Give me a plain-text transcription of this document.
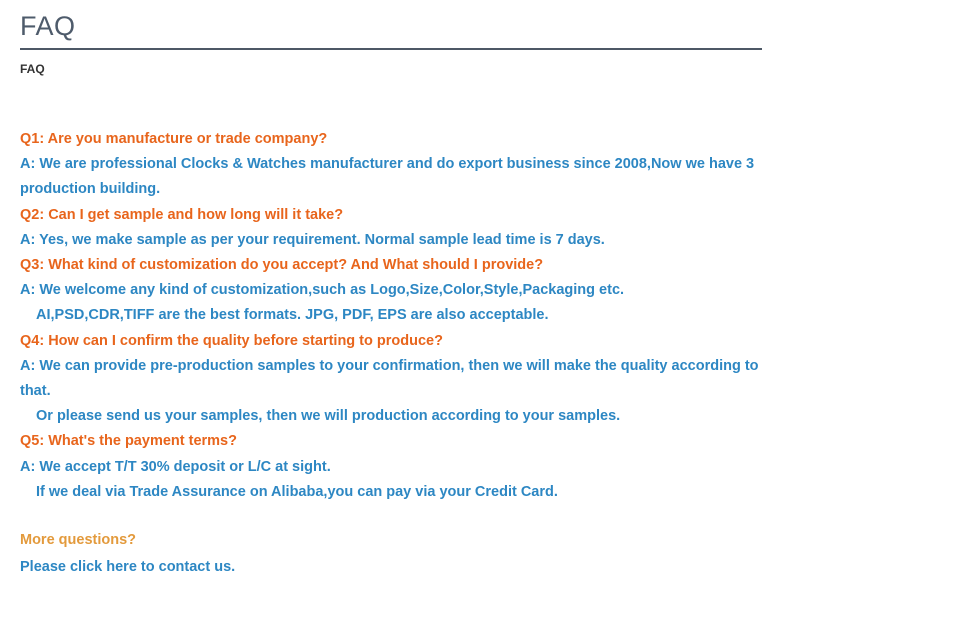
FAQ
FAQ
Q1: Are you manufacture or trade company?
A: We are professional Clocks & Watches manufacturer and do export business since 2008,Now we have 3
production building.
Q2: Can I get sample and how long will it take?
A: Yes, we make sample as per your requirement. Normal sample lead time is 7 days.
Q3: What kind of customization do you accept? And What should I provide?
A: We welcome any kind of customization,such as Logo,Size,Color,Style,Packaging etc.
AI,PSD,CDR,TIFF are the best formats. JPG, PDF, EPS are also acceptable.
Q4: How can I confirm the quality before starting to produce?
A: We can provide pre-production samples to your confirmation, then we will make the quality according to
that.
Or please send us your samples, then we will production according to your samples.
Q5: What's the payment terms?
A: We accept T/T 30% deposit or L/C at sight.
If we deal via Trade Assurance on Alibaba,you can pay via your Credit Card.
More questions?
Please click here to contact us.
